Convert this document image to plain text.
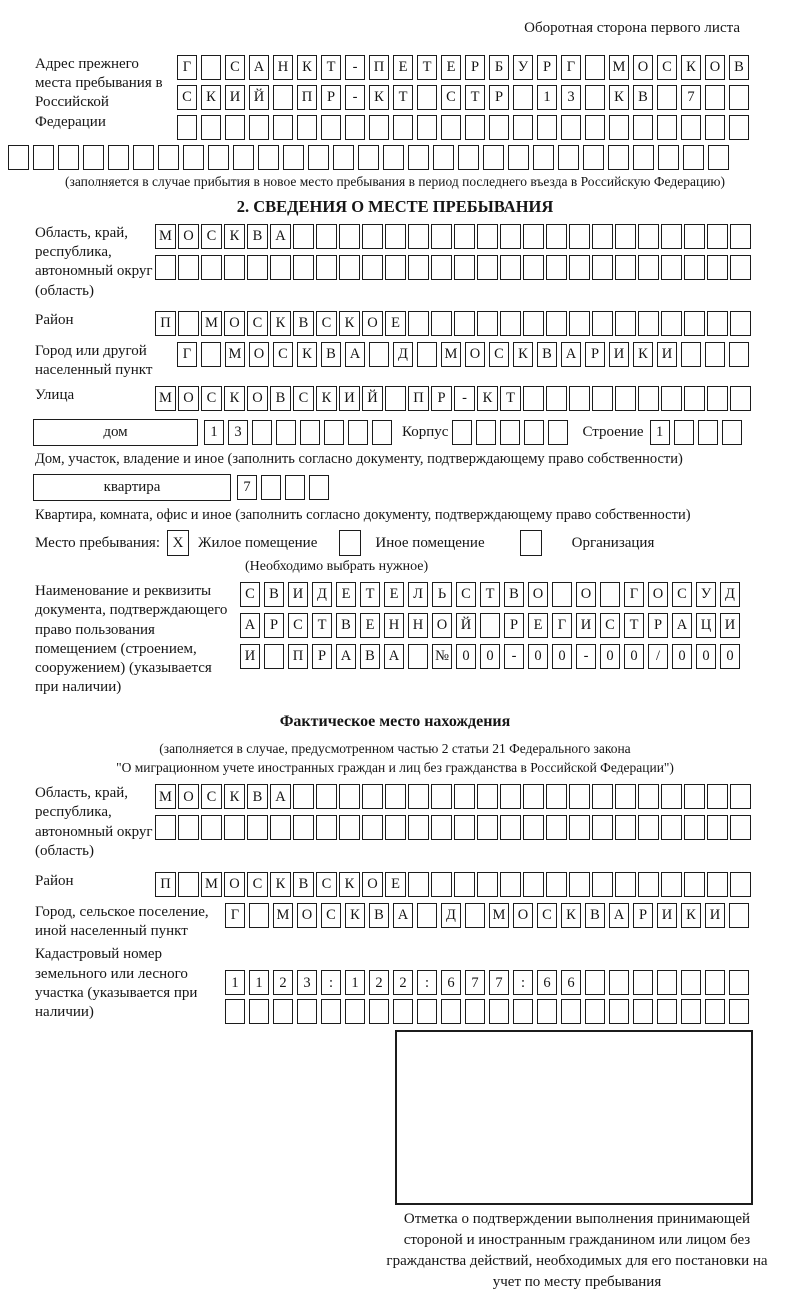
Оборотная сторона первого листа
Адрес прежнего места пребывания в Российской Федерации
Г	С А Н К	Т	-	П Е	Т	Е	Р	Б	У	Р	Г	М О С К О В
С К И Й	П	Р	-	К	Т	С	Т	Р	1	3	К В	7
(заполняется в случае прибытия в новое место пребывания в период последнего въезда в Российскую Федерацию)
2. СВЕДЕНИЯ О МЕСТЕ ПРЕБЫВАНИЯ
Область, край, республика, автономный округ (область)
М О С К В А
Район	П	М О С К В С К О Е
Город или другой населенный пункт
Г	М О С К В А	Д	М О С К В А	Р	И К И
Улица	М О С К О В С К И Й	П Р	-	К Т
дом	1	3	Корпус	Строение 1
Дом, участок, владение и иное (заполнить согласно документу, подтверждающему право собственности)
квартира	7
Квартира, комната, офис и иное (заполнить согласно документу, подтверждающему право собственности)
Место пребывания: X Жилое помещение	Иное помещение	Организация
(Необходимо выбрать нужное)
Наименование и реквизиты документа, подтверждающего право пользования помещением (строением, сооружением) (указывается при наличии)
С В И Д	Е	Т	Е	Л	Ь	С	Т	В О	О	Г	О С У Д
А	Р	С	Т	В	Е Н Н О Й	Р	Е	Г	И С	Т	Р	А Ц И
И	П	Р	А В А	№ 0	0	-	0	0	-	0	0	/	0	0	0
Фактическое место нахождения
(заполняется в случае, предусмотренном частью 2 статьи 21 Федерального закона
"О миграционном учете иностранных граждан и лиц без гражданства в Российской Федерации")
Область, край, республика, автономный округ (область)
М О С К В А
Район	П	М О С К В С К О Е
Город, сельское поселение, иной населенный пункт
Г	М О С К В А	Д	М О С К В А	Р	И К И
Кадастровый номер земельного или лесного участка (указывается при наличии)
1	1	2	3	:	1	2	2	:	6	7	7	:	6	6
Отметка о подтверждении выполнения принимающей стороной и иностранным гражданином или лицом без гражданства действий, необходимых для его постановки на учет по месту пребывания
